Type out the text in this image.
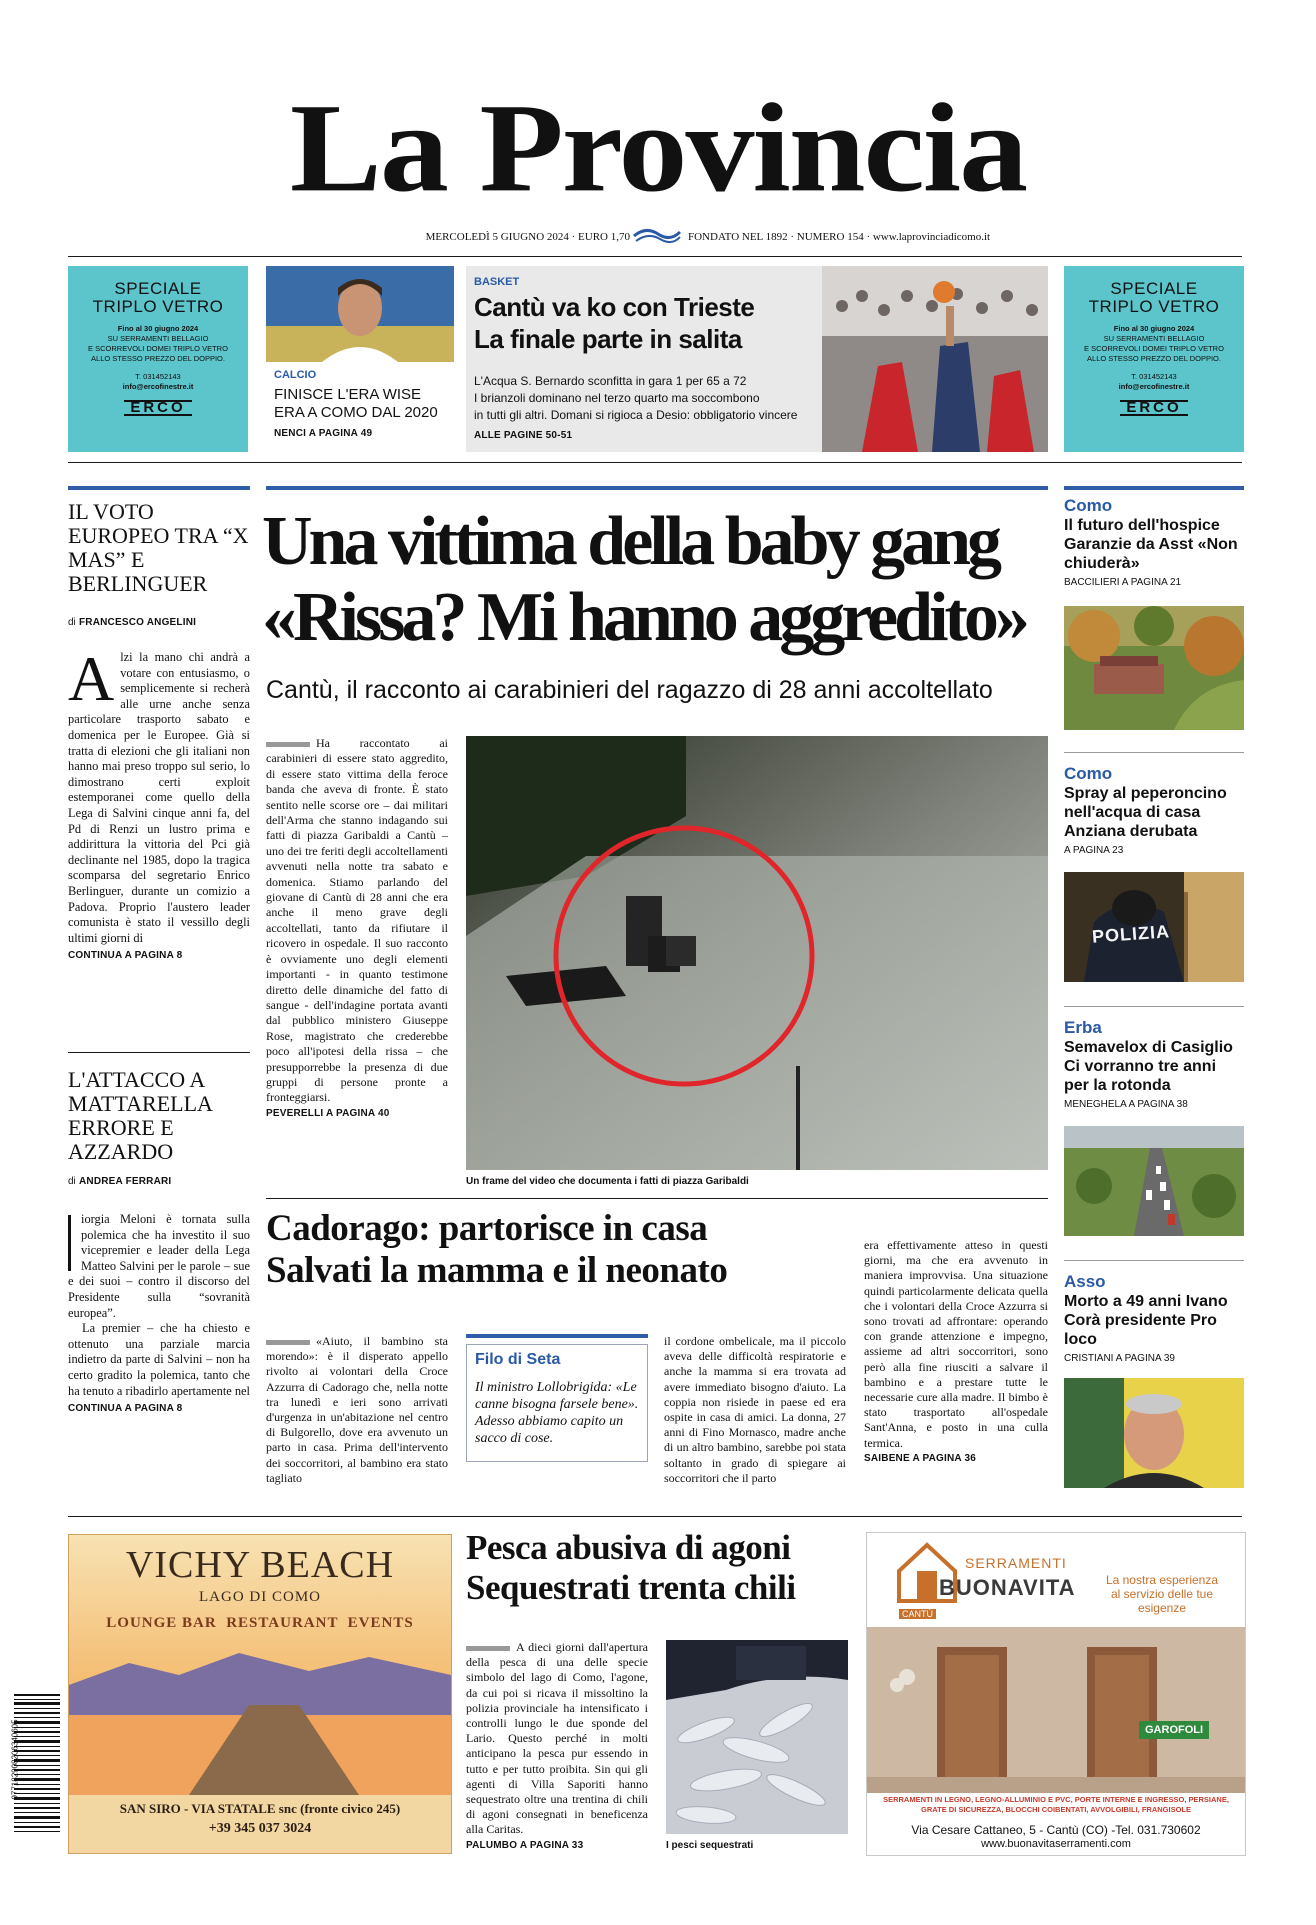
La Provincia
MERCOLEDÌ 5 GIUGNO 2024 · EURO 1,70	FONDATO NEL 1892 · NUMERO 154 · www.laprovinciadicomo.it
SPECIALE
TRIPLO VETRO
Fino al 30 giugno 2024
SU SERRAMENTI BELLAGIO
E SCORREVOLI DOMEI TRIPLO VETRO
ALLO STESSO PREZZO DEL DOPPIO.
T. 031452143
info@ercofinestre.it
ERCO
SPECIALE
TRIPLO VETRO
Fino al 30 giugno 2024
SU SERRAMENTI BELLAGIO
E SCORREVOLI DOMEI TRIPLO VETRO
ALLO STESSO PREZZO DEL DOPPIO.
T. 031452143
info@ercofinestre.it
ERCO
CALCIO
FINISCE L'ERA WISE
ERA A COMO DAL 2020
NENCI A PAGINA 49
BASKET
Cantù va ko con Trieste
La finale parte in salita
L'Acqua S. Bernardo sconfitta in gara 1 per 65 a 72
I brianzoli dominano nel terzo quarto ma soccombono
in tutti gli altri. Domani si rigioca a Desio: obbligatorio vincere
ALLE PAGINE 50-51
IL VOTO EUROPEO TRA “X MAS” E BERLINGUER
di FRANCESCO ANGELINI
Alzi la mano chi andrà a votare con entusiasmo, o semplicemente si recherà alle urne anche senza particolare trasporto sabato e domenica per le Europee. Già si tratta di elezioni che gli italiani non hanno mai preso troppo sul serio, lo dimostrano certi exploit estemporanei come quello della Lega di Salvini cinque anni fa, del Pd di Renzi un lustro prima e addirittura la vittoria del Pci già declinante nel 1985, dopo la tragica scomparsa del segretario Enrico Berlinguer, durante un comizio a Padova. Proprio l'austero leader comunista è stato il vessillo degli ultimi giorni di
CONTINUA A PAGINA 8
L'ATTACCO A MATTARELLA ERRORE E AZZARDO
di ANDREA FERRARI
iorgia Meloni è tornata sulla polemica che ha investito il suo vicepremier e leader della Lega Matteo Salvini per le parole – sue e dei suoi – contro il discorso del Presidente sulla “sovranità europea”.
La premier – che ha chiesto e ottenuto una parziale marcia indietro da parte di Salvini – non ha certo gradito la polemica, tanto che ha tenuto a ribadirlo apertamente nel
CONTINUA A PAGINA 8
Una vittima della baby gang
«Rissa? Mi hanno aggredito»
Cantù, il racconto ai carabinieri del ragazzo di 28 anni accoltellato
Ha raccontato ai carabinieri di essere stato aggredito, di essere stato vittima della feroce banda che aveva di fronte. È stato sentito nelle scorse ore – dai militari dell'Arma che stanno indagando sui fatti di piazza Garibaldi a Cantù – uno dei tre feriti degli accoltellamenti avvenuti nella notte tra sabato e domenica. Stiamo parlando del giovane di Cantù di 28 anni che era anche il meno grave degli accoltellati, tanto da rifiutare il ricovero in ospedale. Il suo racconto è ovviamente uno degli elementi importanti - in quanto testimone diretto delle dinamiche del fatto di sangue - dell'indagine portata avanti dal pubblico ministero Giuseppe Rose, magistrato che crederebbe poco all'ipotesi della rissa – che presupporrebbe la presenza di due gruppi di persone pronte a fronteggiarsi.
PEVERELLI A PAGINA 40
Un frame del video che documenta i fatti di piazza Garibaldi
Cadorago: partorisce in casa
Salvati la mamma e il neonato
«Aiuto, il bambino sta morendo»: è il disperato appello rivolto ai volontari della Croce Azzurra di Cadorago che, nella notte tra lunedì e ieri sono arrivati d'urgenza in un'abitazione nel centro di Bulgorello, dove era avvenuto un parto in casa. Prima dell'intervento dei soccorritori, al bambino era stato tagliato
Filo di Seta
Il ministro Lollobrigida: «Le canne bisogna farsele bene». Adesso abbiamo capito un sacco di cose.
il cordone ombelicale, ma il piccolo aveva delle difficoltà respiratorie e anche la mamma si era trovata ad avere immediato bisogno d'aiuto. La coppia non risiede in paese ed era ospite in casa di amici. La donna, 27 anni di Fino Mornasco, madre anche di un altro bambino, sarebbe poi stata soltanto in grado di spiegare ai soccorritori che il parto
era effettivamente atteso in questi giorni, ma che era avvenuto in maniera improvvisa. Una situazione quindi particolarmente delicata quella che i volontari della Croce Azzurra si sono trovati ad affrontare: operando con grande attenzione e impegno, assieme ad altri soccorritori, sono però alla fine riusciti a salvare il bambino e a prestare tutte le necessarie cure alla madre. Il bimbo è stato trasportato all'ospedale Sant'Anna, e posto in una culla termica.
SAIBENE A PAGINA 36
Como
Il futuro dell'hospice Garanzie da Asst «Non chiuderà»
BACCILIERI A PAGINA 21
Como
Spray al peperoncino nell'acqua di casa Anziana derubata
A PAGINA 23
POLIZIA
Erba
Semavelox di Casiglio Ci vorranno tre anni per la rotonda
MENEGHELA A PAGINA 38
Asso
Morto a 49 anni Ivano Corà presidente Pro loco
CRISTIANI A PAGINA 39
VICHY BEACH
LAGO DI COMO
LOUNGE BAR  RESTAURANT  EVENTS
SAN SIRO - VIA STATALE snc (fronte civico 245)
+39 345 037 3024
977182908206340605
Pesca abusiva di agoni
Sequestrati trenta chili
A dieci giorni dall'apertura della pesca di una delle specie simbolo del lago di Como, l'agone, da cui poi si ricava il missoltino la polizia provinciale ha intensificato i controlli lungo le due sponde del Lario. Questo perché in molti anticipano la pesca pur essendo in tutto e per tutto proibita. Sin qui gli agenti di Villa Saporiti hanno sequestrato oltre una trentina di chili di agoni consegnati in beneficenza alla Caritas.
PALUMBO A PAGINA 33	I pesci sequestrati
SERRAMENTI
CANTÙ
BUONAVITA	La nostra esperienza
al servizio delle tue
esigenze
GAROFOLI
SERRAMENTI IN LEGNO, LEGNO-ALLUMINIO E PVC, PORTE INTERNE E INGRESSO, PERSIANE, GRATE DI SICUREZZA, BLOCCHI COIBENTATI, AVVOLGIBILI, FRANGISOLE
Via Cesare Cattaneo, 5 - Cantù (CO) -Tel. 031.730602
www.buonavitaserramenti.com
